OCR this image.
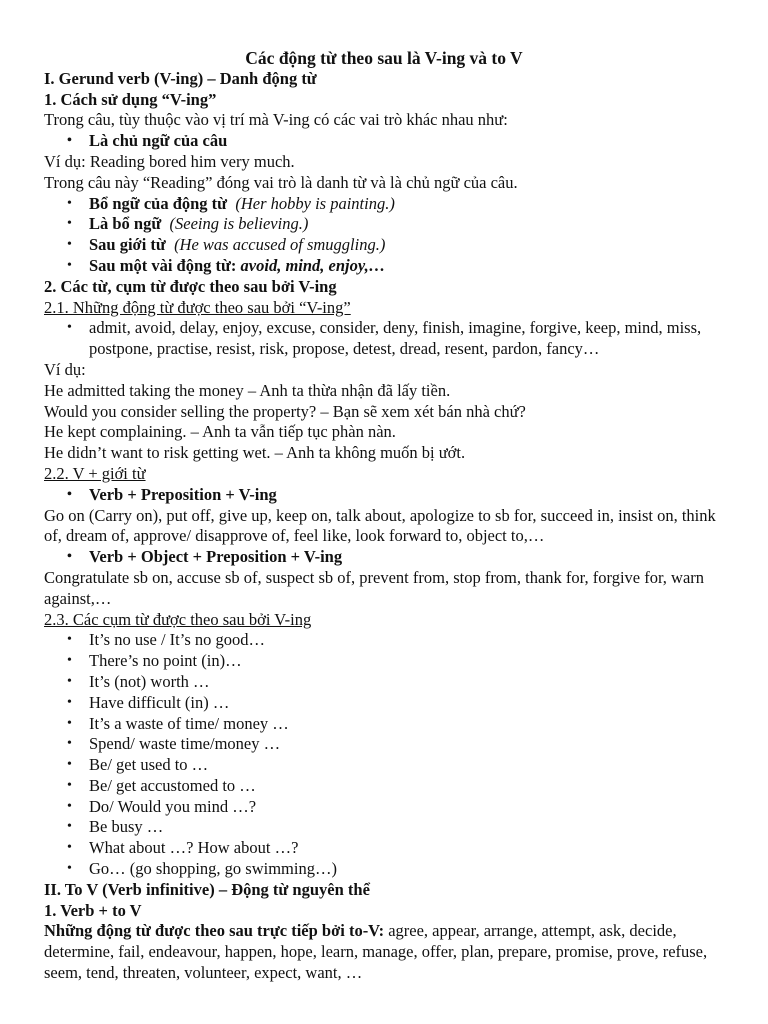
Các động từ theo sau là V-ing và to V

I. Gerund verb (V-ing) – Danh động từ

1. Cách sử dụng “V-ing”

Trong câu, tùy thuộc vào vị trí mà V-ing có các vai trò khác nhau như:

• Là chủ ngữ của câu

Ví dụ: Reading bored him very much.

Trong câu này “Reading” đóng vai trò là danh từ và là chủ ngữ của câu.

• Bổ ngữ của động từ (Her hobby is painting.)
• Là bổ ngữ (Seeing is believing.)
• Sau giới từ (He was accused of smuggling.)
• Sau một vài động từ: avoid, mind, enjoy,…

2. Các từ, cụm từ được theo sau bởi V-ing

2.1. Những động từ được theo sau bởi “V-ing”

• admit, avoid, delay, enjoy, excuse, consider, deny, finish, imagine, forgive, keep, mind, miss, postpone, practise, resist, risk, propose, detest, dread, resent, pardon, fancy…

Ví dụ:

He admitted taking the money – Anh ta thừa nhận đã lấy tiền.

Would you consider selling the property? – Bạn sẽ xem xét bán nhà chứ?

He kept complaining. – Anh ta vẫn tiếp tục phàn nàn.

He didn’t want to risk getting wet. – Anh ta không muốn bị ướt.

2.2. V + giới từ

• Verb + Preposition + V-ing

Go on (Carry on), put off, give up, keep on, talk about, apologize to sb for, succeed in, insist on, think of, dream of, approve/ disapprove of, feel like, look forward to, object to,…

• Verb + Object + Preposition + V-ing

Congratulate sb on, accuse sb of, suspect sb of, prevent from, stop from, thank for, forgive for, warn against,…

2.3. Các cụm từ được theo sau bởi V-ing

• It’s no use / It’s no good…
• There’s no point (in)…
• It’s (not) worth …
• Have difficult (in) …
• It’s a waste of time/ money …
• Spend/ waste time/money …
• Be/ get used to …
• Be/ get accustomed to …
• Do/ Would you mind …?
• Be busy …
• What about …? How about …?
• Go… (go shopping, go swimming…)

II. To V (Verb infinitive) – Động từ nguyên thể

1. Verb + to V

Những động từ được theo sau trực tiếp bởi to-V: agree, appear, arrange, attempt, ask, decide, determine, fail, endeavour, happen, hope, learn, manage, offer, plan, prepare, promise, prove, refuse, seem, tend, threaten, volunteer, expect, want, …
